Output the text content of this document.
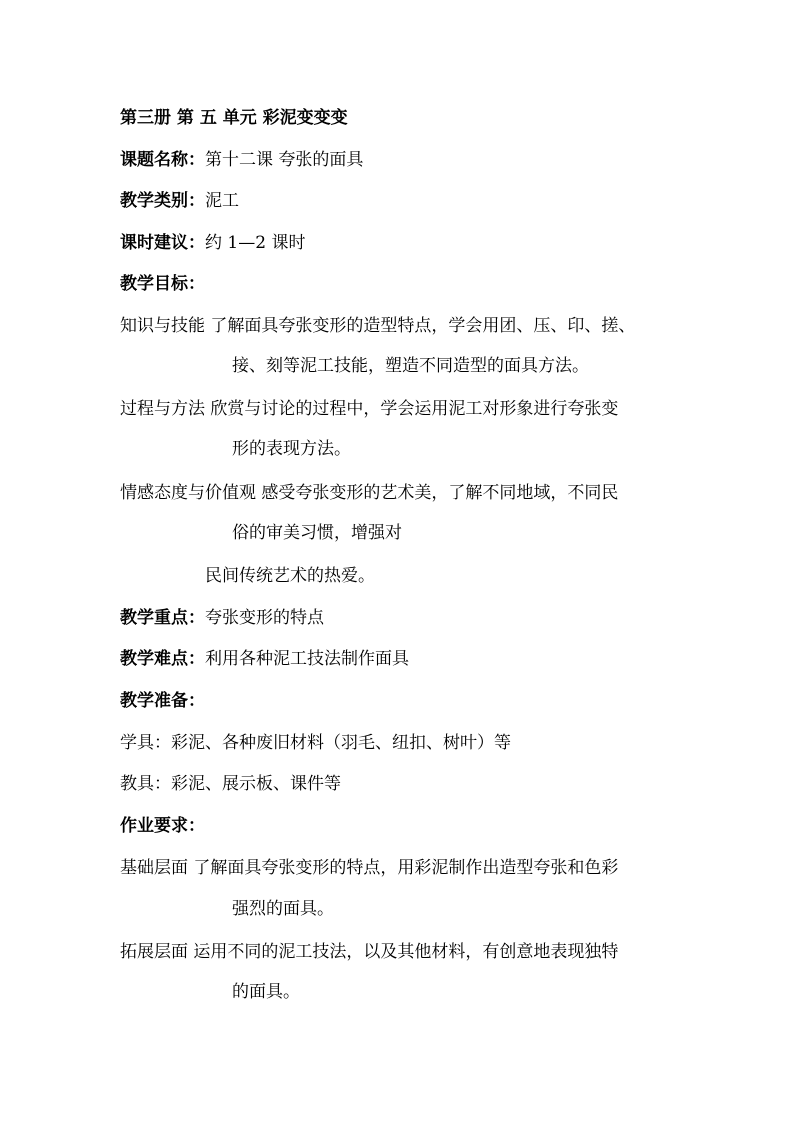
第三册 第 五 单元 彩泥变变变
课题名称：第十二课 夸张的面具
教学类别：泥工
课时建议：约 1—2 课时
教学目标：
知识与技能 了解面具夸张变形的造型特点，学会用团、压、印、搓、
接、刻等泥工技能，塑造不同造型的面具方法。
过程与方法 欣赏与讨论的过程中，学会运用泥工对形象进行夸张变
形的表现方法。
情感态度与价值观 感受夸张变形的艺术美，了解不同地域，不同民
俗的审美习惯，增强对
民间传统艺术的热爱。
教学重点：夸张变形的特点
教学难点：利用各种泥工技法制作面具
教学准备：
学具：彩泥、各种废旧材料（羽毛、纽扣、树叶）等
教具：彩泥、展示板、课件等
作业要求：
基础层面 了解面具夸张变形的特点，用彩泥制作出造型夸张和色彩
强烈的面具。
拓展层面 运用不同的泥工技法，以及其他材料，有创意地表现独特
的面具。
